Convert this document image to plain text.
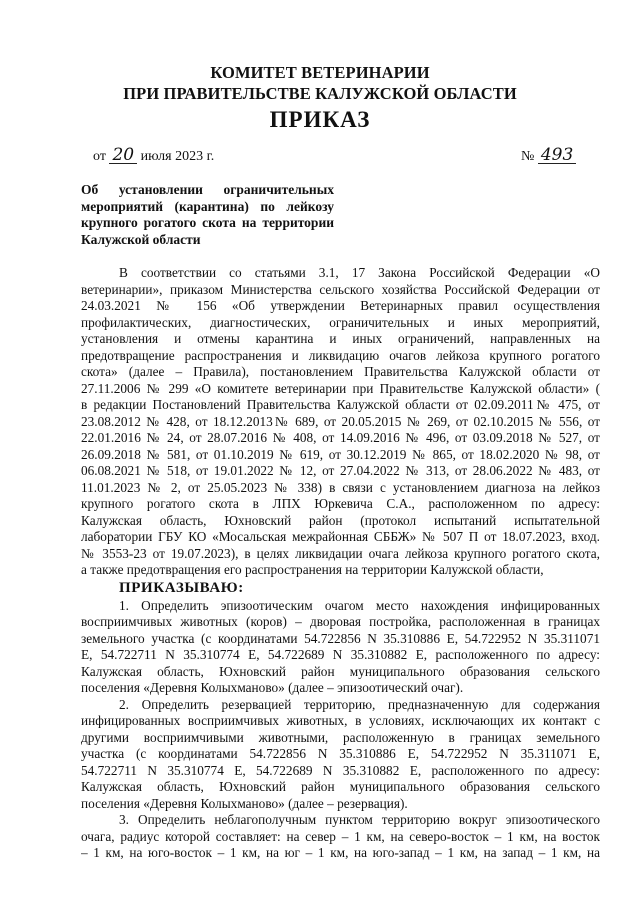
КОМИТЕТ ВЕТЕРИНАРИИ
ПРИ ПРАВИТЕЛЬСТВЕ КАЛУЖСКОЙ ОБЛАСТИ
ПРИКАЗ
от 20 июля 2023 г.	№ 493
Об установлении ограничительных
мероприятий (карантина) по лейкозу
крупного рогатого скота на территории
Калужской области
В соответствии со статьями 3.1, 17 Закона Российской Федерации «О
ветеринарии», приказом Министерства сельского хозяйства Российской Федерации от
24.03.2021 № 156 «Об утверждении Ветеринарных правил осуществления
профилактических, диагностических, ограничительных и иных мероприятий,
установления и отмены карантина и иных ограничений, направленных на
предотвращение распространения и ликвидацию очагов лейкоза крупного рогатого
скота» (далее – Правила), постановлением Правительства Калужской области от
27.11.2006 № 299 «О комитете ветеринарии при Правительстве Калужской области» (
в редакции Постановлений Правительства Калужской области от 02.09.2011№ 475, от
23.08.2012 № 428, от 18.12.2013№ 689, от 20.05.2015 № 269, от 02.10.2015 № 556, от
22.01.2016 № 24, от 28.07.2016 № 408, от 14.09.2016 № 496, от 03.09.2018 № 527, от
26.09.2018 № 581, от 01.10.2019 № 619, от 30.12.2019 № 865, от 18.02.2020 № 98, от
06.08.2021 № 518, от 19.01.2022 № 12, от 27.04.2022 № 313, от 28.06.2022 № 483, от
11.01.2023 № 2, от 25.05.2023 № 338) в связи с установлением диагноза на лейкоз
крупного рогатого скота в ЛПХ Юркевича С.А., расположенном по адресу:
Калужская область, Юхновский район (протокол испытаний испытательной
лаборатории ГБУ КО «Мосальская межрайонная СББЖ» № 507 П от 18.07.2023, вход.
№ 3553-23 от 19.07.2023), в целях ликвидации очага лейкоза крупного рогатого скота,
а также предотвращения его распространения на территории Калужской области,
ПРИКАЗЫВАЮ:
1. Определить эпизоотическим очагом место нахождения инфицированных
восприимчивых животных (коров) – дворовая постройка, расположенная в границах
земельного участка (с координатами 54.722856 N 35.310886 E, 54.722952 N 35.311071
E, 54.722711 N 35.310774 E, 54.722689 N 35.310882 E, расположенного по адресу:
Калужская область, Юхновский район муниципального образования сельского
поселения «Деревня Колыхманово» (далее – эпизоотический очаг).
2. Определить резервацией территорию, предназначенную для содержания
инфицированных восприимчивых животных, в условиях, исключающих их контакт с
другими восприимчивыми животными, расположенную в границах земельного
участка (с координатами 54.722856 N 35.310886 E, 54.722952 N 35.311071 E,
54.722711 N 35.310774 E, 54.722689 N 35.310882 E, расположенного по адресу:
Калужская область, Юхновский район муниципального образования сельского
поселения «Деревня Колыхманово» (далее – резервация).
3. Определить неблагополучным пунктом территорию вокруг эпизоотического
очага, радиус которой составляет: на север – 1 км, на северо-восток – 1 км, на восток
– 1 км, на юго-восток – 1 км, на юг – 1 км, на юго-запад – 1 км, на запад – 1 км, на
